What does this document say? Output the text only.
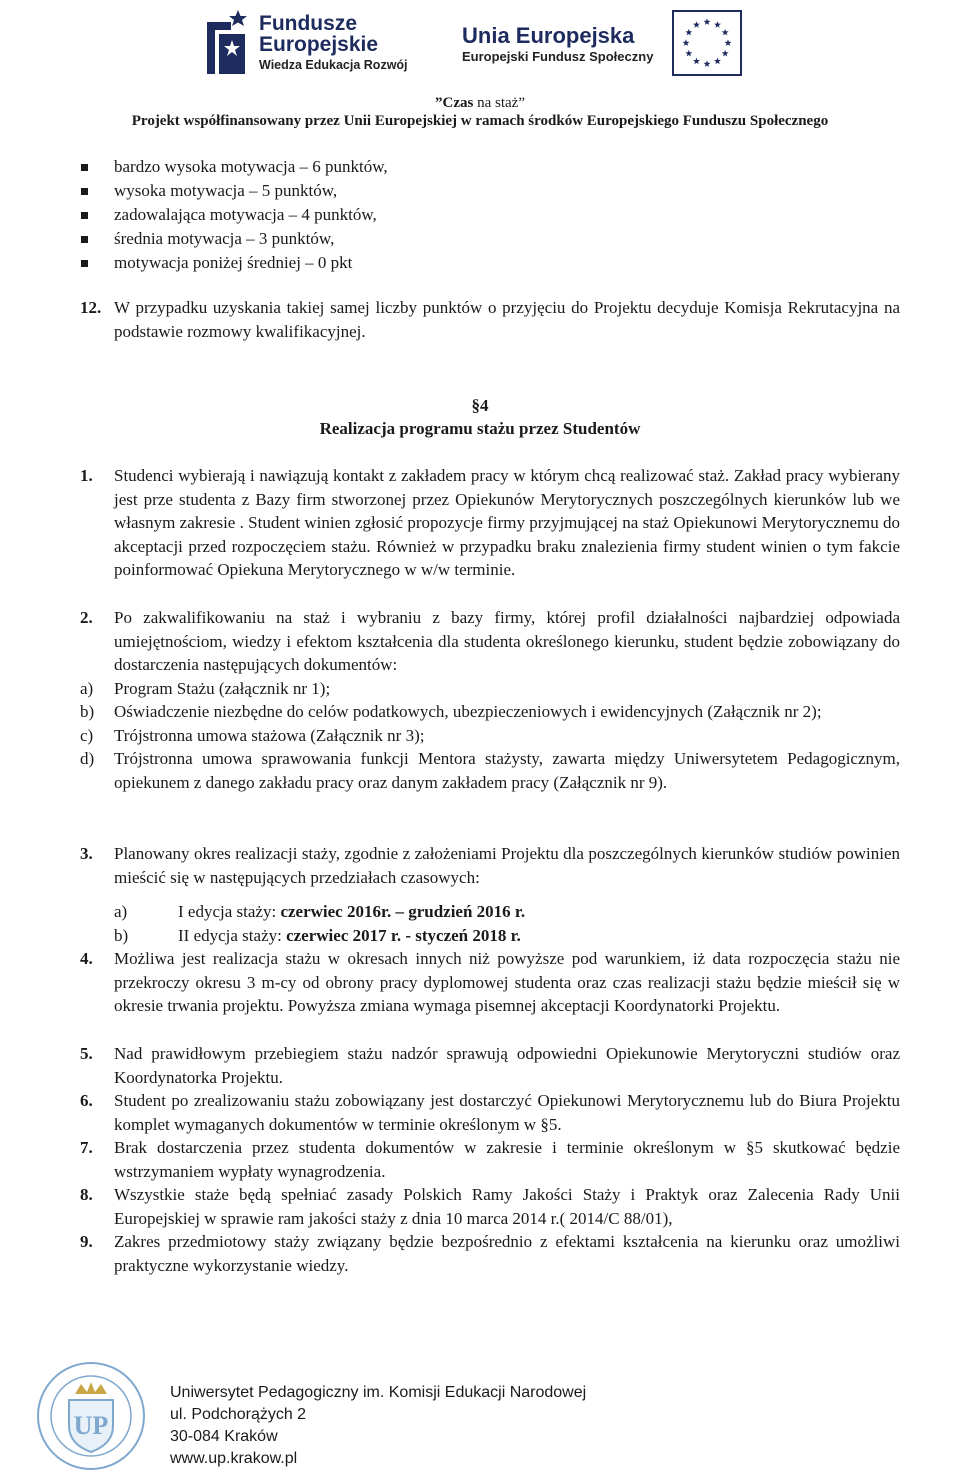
Fundusze
Europejskie
Wiedza Edukacja Rozwój
Unia Europejska
Europejski Fundusz Społeczny
”Czas na staż”
Projekt współfinansowany przez Unii Europejskiej w ramach środków Europejskiego Funduszu Społecznego
bardzo wysoka motywacja – 6 punktów,
wysoka motywacja – 5 punktów,
zadowalająca motywacja – 4 punktów,
średnia motywacja – 3 punktów,
motywacja poniżej średniej – 0 pkt
12. W przypadku uzyskania takiej samej liczby punktów o przyjęciu do Projektu decyduje Komisja Rekrutacyjna na podstawie rozmowy kwalifikacyjnej.
§4
Realizacja programu stażu przez Studentów
1. Studenci wybierają i nawiązują kontakt z zakładem pracy w którym chcą realizować staż. Zakład pracy wybierany jest prze studenta z Bazy firm stworzonej przez Opiekunów Merytorycznych poszczególnych kierunków lub we własnym zakresie . Student winien zgłosić propozycje firmy przyjmującej na staż Opiekunowi Merytorycznemu do akceptacji przed rozpoczęciem stażu. Również w przypadku braku znalezienia firmy student winien o tym fakcie poinformować Opiekuna Merytorycznego w w/w terminie.
2. Po zakwalifikowaniu na staż i wybraniu z bazy firmy, której profil działalności najbardziej odpowiada umiejętnościom, wiedzy i efektom kształcenia dla studenta określonego kierunku, student będzie zobowiązany do dostarczenia następujących dokumentów:
a) Program Stażu (załącznik nr 1);
b) Oświadczenie niezbędne do celów podatkowych, ubezpieczeniowych i ewidencyjnych (Załącznik nr 2);
c) Trójstronna umowa stażowa (Załącznik nr 3);
d) Trójstronna umowa sprawowania funkcji Mentora stażysty, zawarta między Uniwersytetem Pedagogicznym, opiekunem z danego zakładu pracy oraz danym zakładem pracy (Załącznik nr 9).
3. Planowany okres realizacji staży, zgodnie z założeniami Projektu dla poszczególnych kierunków studiów powinien mieścić się w następujących przedziałach czasowych:
a)	I edycja staży: czerwiec 2016r. – grudzień 2016 r.
b)	II edycja staży: czerwiec 2017 r. - styczeń 2018 r.
4. Możliwa jest realizacja stażu w okresach innych niż powyższe pod warunkiem, iż data rozpoczęcia stażu nie przekroczy okresu 3 m-cy od obrony pracy dyplomowej studenta oraz czas realizacji stażu będzie mieścił się w okresie trwania projektu. Powyższa zmiana wymaga pisemnej akceptacji Koordynatorki Projektu.
5. Nad prawidłowym przebiegiem stażu nadzór sprawują odpowiedni Opiekunowie Merytoryczni studiów oraz Koordynatorka Projektu.
6. Student po zrealizowaniu stażu zobowiązany jest dostarczyć Opiekunowi Merytorycznemu lub do Biura Projektu komplet wymaganych dokumentów w terminie określonym w §5.
7. Brak dostarczenia przez studenta dokumentów w zakresie i terminie określonym w §5 skutkować będzie wstrzymaniem wypłaty wynagrodzenia.
8. Wszystkie staże będą spełniać zasady Polskich Ramy Jakości Staży i Praktyk oraz Zalecenia Rady Unii Europejskiej w sprawie ram jakości staży z dnia 10 marca 2014 r.( 2014/C 88/01),
9. Zakres przedmiotowy staży związany będzie bezpośrednio z efektami kształcenia na kierunku oraz umożliwi praktyczne wykorzystanie wiedzy.
UP
Uniwersytet Pedagogiczny im. Komisji Edukacji Narodowej
ul. Podchorążych 2
30-084 Kraków
www.up.krakow.pl
